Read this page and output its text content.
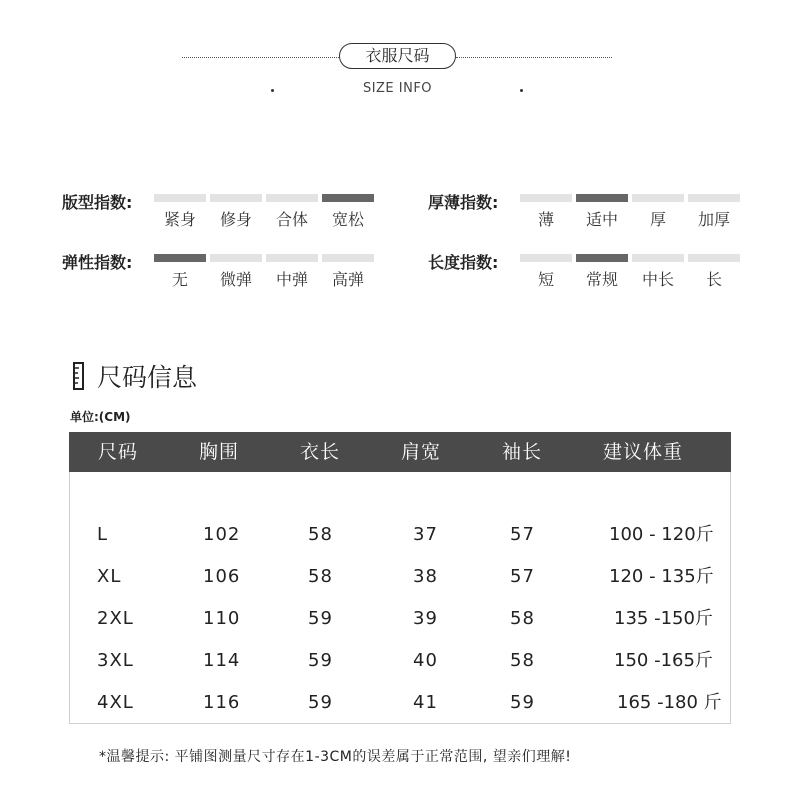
衣服尺码
SIZE INFO
版型指数:
紧身	修身	合体	宽松
厚薄指数:
薄	适中	厚	加厚
弹性指数:
无	微弹	中弹	高弹
长度指数:
短	常规	中长	长
尺码信息
单位:(CM)
尺码	胸围	衣长	肩宽	袖长	建议体重
L	102	58	37	57	100 - 120斤
XL	106	58	38	57	120 - 135斤
2XL	110	59	39	58	135 -150斤
3XL	114	59	40	58	150 -165斤
4XL	116	59	41	59	165 -180 斤
*温馨提示: 平铺图测量尺寸存在1-3CM的误差属于正常范围, 望亲们理解!
